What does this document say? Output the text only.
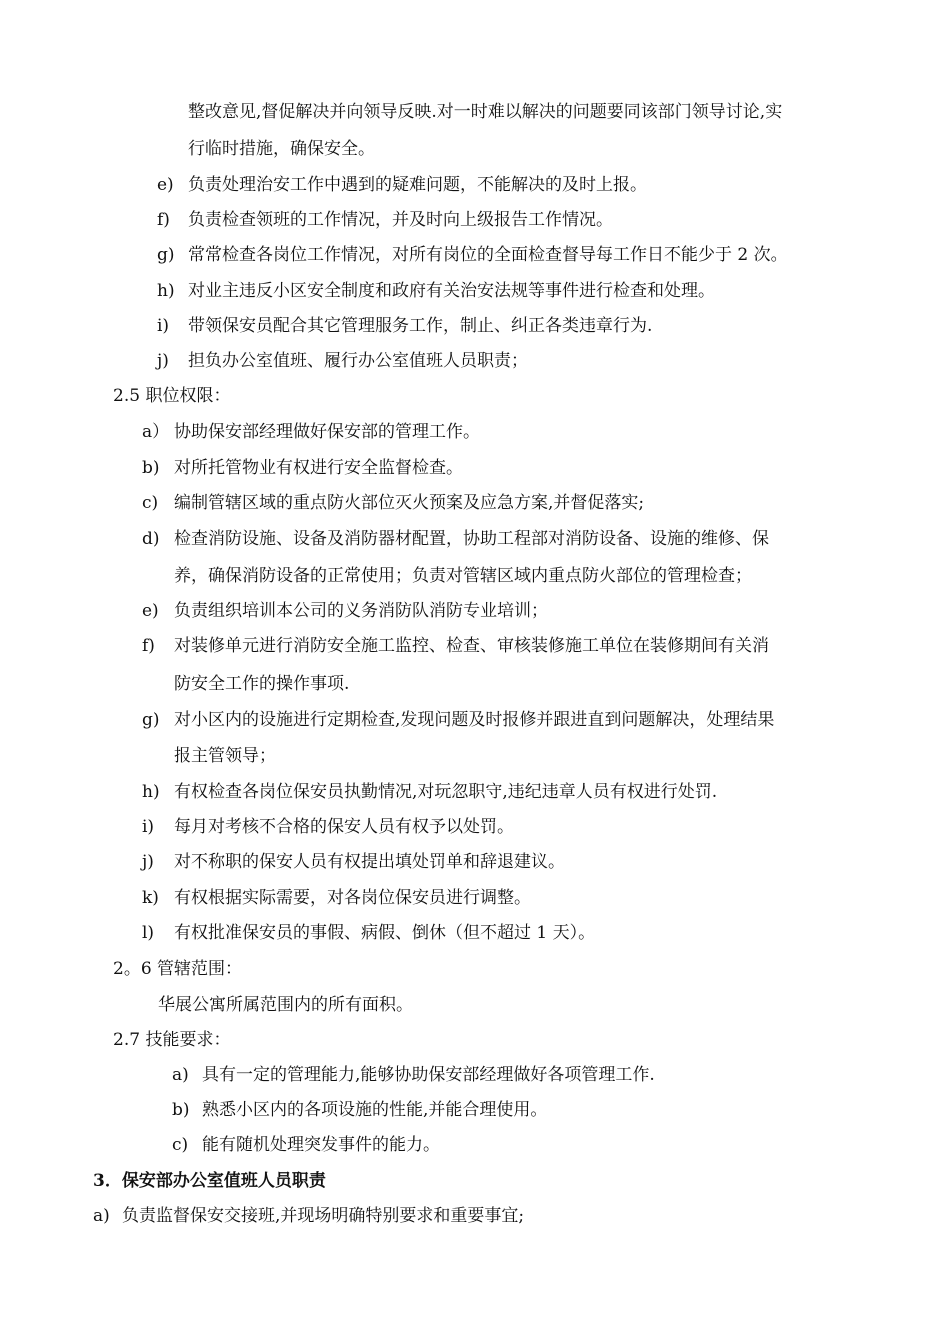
整改意见,督促解决并向领导反映.对一时难以解决的问题要同该部门领导讨论,实
行临时措施，确保安全。
e) 负责处理治安工作中遇到的疑难问题，不能解决的及时上报。
f) 负责检查领班的工作情况，并及时向上级报告工作情况。
g) 常常检查各岗位工作情况，对所有岗位的全面检查督导每工作日不能少于 2 次。
h) 对业主违反小区安全制度和政府有关治安法规等事件进行检查和处理。
i) 带领保安员配合其它管理服务工作，制止、纠正各类违章行为.
j) 担负办公室值班、履行办公室值班人员职责；
2.5 职位权限：
a） 协助保安部经理做好保安部的管理工作。
b) 对所托管物业有权进行安全监督检查。
c) 编制管辖区域的重点防火部位灭火预案及应急方案,并督促落实;
d) 检查消防设施、设备及消防器材配置，协助工程部对消防设备、设施的维修、保
养，确保消防设备的正常使用；负责对管辖区域内重点防火部位的管理检查；
e) 负责组织培训本公司的义务消防队消防专业培训；
f) 对装修单元进行消防安全施工监控、检查、审核装修施工单位在装修期间有关消
防安全工作的操作事项.
g) 对小区内的设施进行定期检查,发现问题及时报修并跟进直到问题解决，处理结果
报主管领导；
h) 有权检查各岗位保安员执勤情况,对玩忽职守,违纪违章人员有权进行处罚.
i) 每月对考核不合格的保安人员有权予以处罚。
j) 对不称职的保安人员有权提出填处罚单和辞退建议。
k) 有权根据实际需要，对各岗位保安员进行调整。
l) 有权批准保安员的事假、病假、倒休（但不超过 1 天）。
2。6 管辖范围：
华展公寓所属范围内的所有面积。
2.7 技能要求：
a) 具有一定的管理能力,能够协助保安部经理做好各项管理工作.
b) 熟悉小区内的各项设施的性能,并能合理使用。
c) 能有随机处理突发事件的能力。
3．保安部办公室值班人员职责
a) 负责监督保安交接班,并现场明确特别要求和重要事宜;
